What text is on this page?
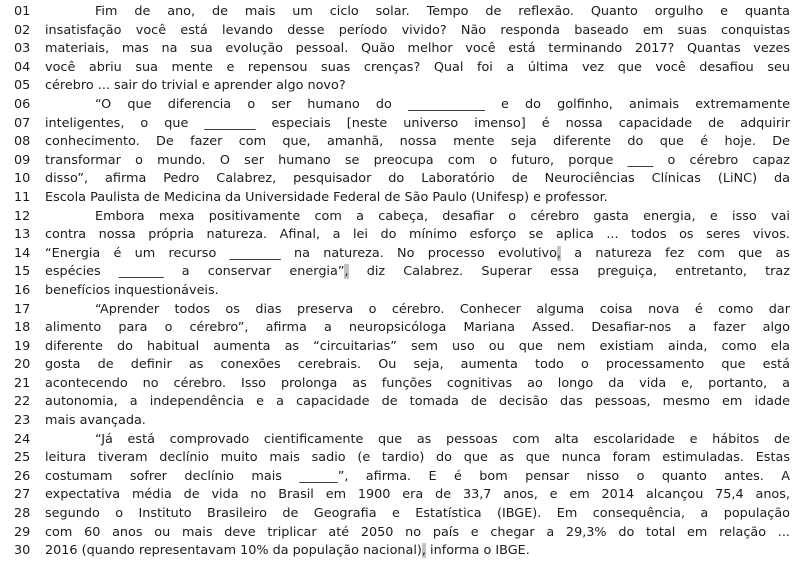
01	Fim de ano, de mais um ciclo solar. Tempo de reflexão. Quanto orgulho e quanta
02	insatisfação você está levando desse período vivido? Não responda baseado em suas conquistas
03	materiais, mas na sua evolução pessoal. Quão melhor você está terminando 2017? Quantas vezes
04	você abriu sua mente e repensou suas crenças? Qual foi a última vez que você desafiou seu
05	cérebro ... sair do trivial e aprender algo novo?
06	“O que diferencia o ser humano do ____________ e do golfinho, animais extremamente
07	inteligentes, o que ________ especiais [neste universo imenso] é nossa capacidade de adquirir
08	conhecimento. De fazer com que, amanhã, nossa mente seja diferente do que é hoje. De
09	transformar o mundo. O ser humano se preocupa com o futuro, porque ____ o cérebro capaz
10	disso”, afirma Pedro Calabrez, pesquisador do Laboratório de Neurociências Clínicas (LiNC) da
11	Escola Paulista de Medicina da Universidade Federal de São Paulo (Unifesp) e professor.
12	Embora mexa positivamente com a cabeça, desafiar o cérebro gasta energia, e isso vai
13	contra nossa própria natureza. Afinal, a lei do mínimo esforço se aplica ... todos os seres vivos.
14	“Energia é um recurso ________ na natureza. No processo evolutivo, a natureza fez com que as
15	espécies _______ a conservar energia”, diz Calabrez. Superar essa preguiça, entretanto, traz
16	benefícios inquestionáveis.
17	“Aprender todos os dias preserva o cérebro. Conhecer alguma coisa nova é como dar
18	alimento para o cérebro”, afirma a neuropsicóloga Mariana Assed. Desafiar-nos a fazer algo
19	diferente do habitual aumenta as “circuitarias” sem uso ou que nem existiam ainda, como ela
20	gosta de definir as conexões cerebrais. Ou seja, aumenta todo o processamento que está
21	acontecendo no cérebro. Isso prolonga as funções cognitivas ao longo da vida e, portanto, a
22	autonomia, a independência e a capacidade de tomada de decisão das pessoas, mesmo em idade
23	mais avançada.
24	“Já está comprovado cientificamente que as pessoas com alta escolaridade e hábitos de
25	leitura tiveram declínio muito mais sadio (e tardio) do que as que nunca foram estimuladas. Estas
26	costumam sofrer declínio mais ______”, afirma. E é bom pensar nisso o quanto antes. A
27	expectativa média de vida no Brasil em 1900 era de 33,7 anos, e em 2014 alcançou 75,4 anos,
28	segundo o Instituto Brasileiro de Geografia e Estatística (IBGE). Em consequência, a população
29	com 60 anos ou mais deve triplicar até 2050 no país e chegar a 29,3% do total em relação ...
30	2016 (quando representavam 10% da população nacional), informa o IBGE.
